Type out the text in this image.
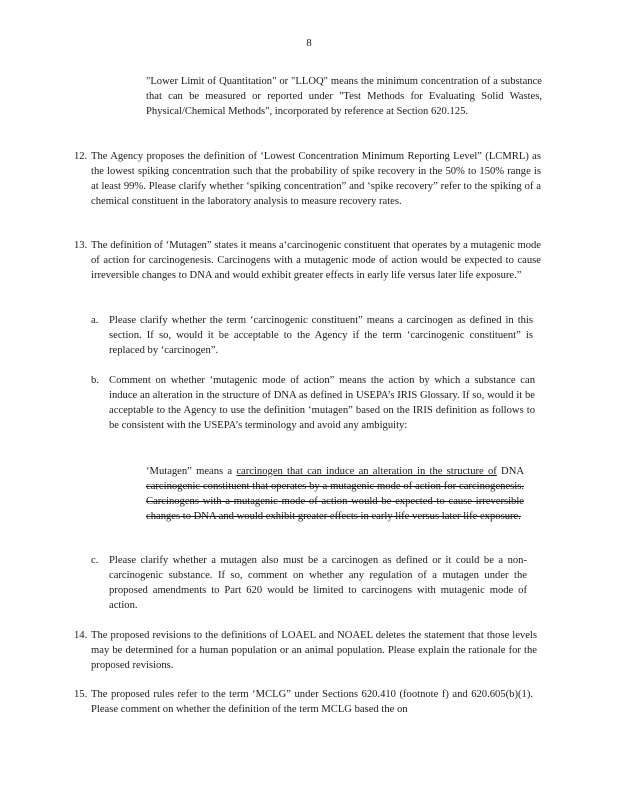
8
"Lower Limit of Quantitation" or "LLOQ" means the minimum concentration of a substance that can be measured or reported under "Test Methods for Evaluating Solid Wastes, Physical/Chemical Methods", incorporated by reference at Section 620.125.
12. The Agency proposes the definition of ‘Lowest Concentration Minimum Reporting Level” (LCMRL) as the lowest spiking concentration such that the probability of spike recovery in the 50% to 150% range is at least 99%. Please clarify whether ‘spiking concentration” and ‘spike recovery” refer to the spiking of a chemical constituent in the laboratory analysis to measure recovery rates.
13. The definition of ‘Mutagen” states it means a‘carcinogenic constituent that operates by a mutagenic mode of action for carcinogenesis. Carcinogens with a mutagenic mode of action would be expected to cause irreversible changes to DNA and would exhibit greater effects in early life versus later life exposure.”
a. Please clarify whether the term ‘carcinogenic constituent” means a carcinogen as defined in this section. If so, would it be acceptable to the Agency if the term ‘carcinogenic constituent” is replaced by ‘carcinogen”.
b. Comment on whether ‘mutagenic mode of action” means the action by which a substance can induce an alteration in the structure of DNA as defined in USEPA’s IRIS Glossary. If so, would it be acceptable to the Agency to use the definition ‘mutagen” based on the IRIS definition as follows to be consistent with the USEPA’s terminology and avoid any ambiguity:
‘Mutagen” means a carcinogen that can induce an alteration in the structure of DNA carcinogenic constituent that operates by a mutagenic mode of action for carcinogenesis. Carcinogens with a mutagenic mode of action would be expected to cause irreversible changes to DNA and would exhibit greater effects in early life versus later life exposure.
c. Please clarify whether a mutagen also must be a carcinogen as defined or it could be a non-carcinogenic substance. If so, comment on whether any regulation of a mutagen under the proposed amendments to Part 620 would be limited to carcinogens with mutagenic mode of action.
14. The proposed revisions to the definitions of LOAEL and NOAEL deletes the statement that those levels may be determined for a human population or an animal population. Please explain the rationale for the proposed revisions.
15. The proposed rules refer to the term ‘MCLG” under Sections 620.410 (footnote f) and 620.605(b)(1). Please comment on whether the definition of the term MCLG based the on
